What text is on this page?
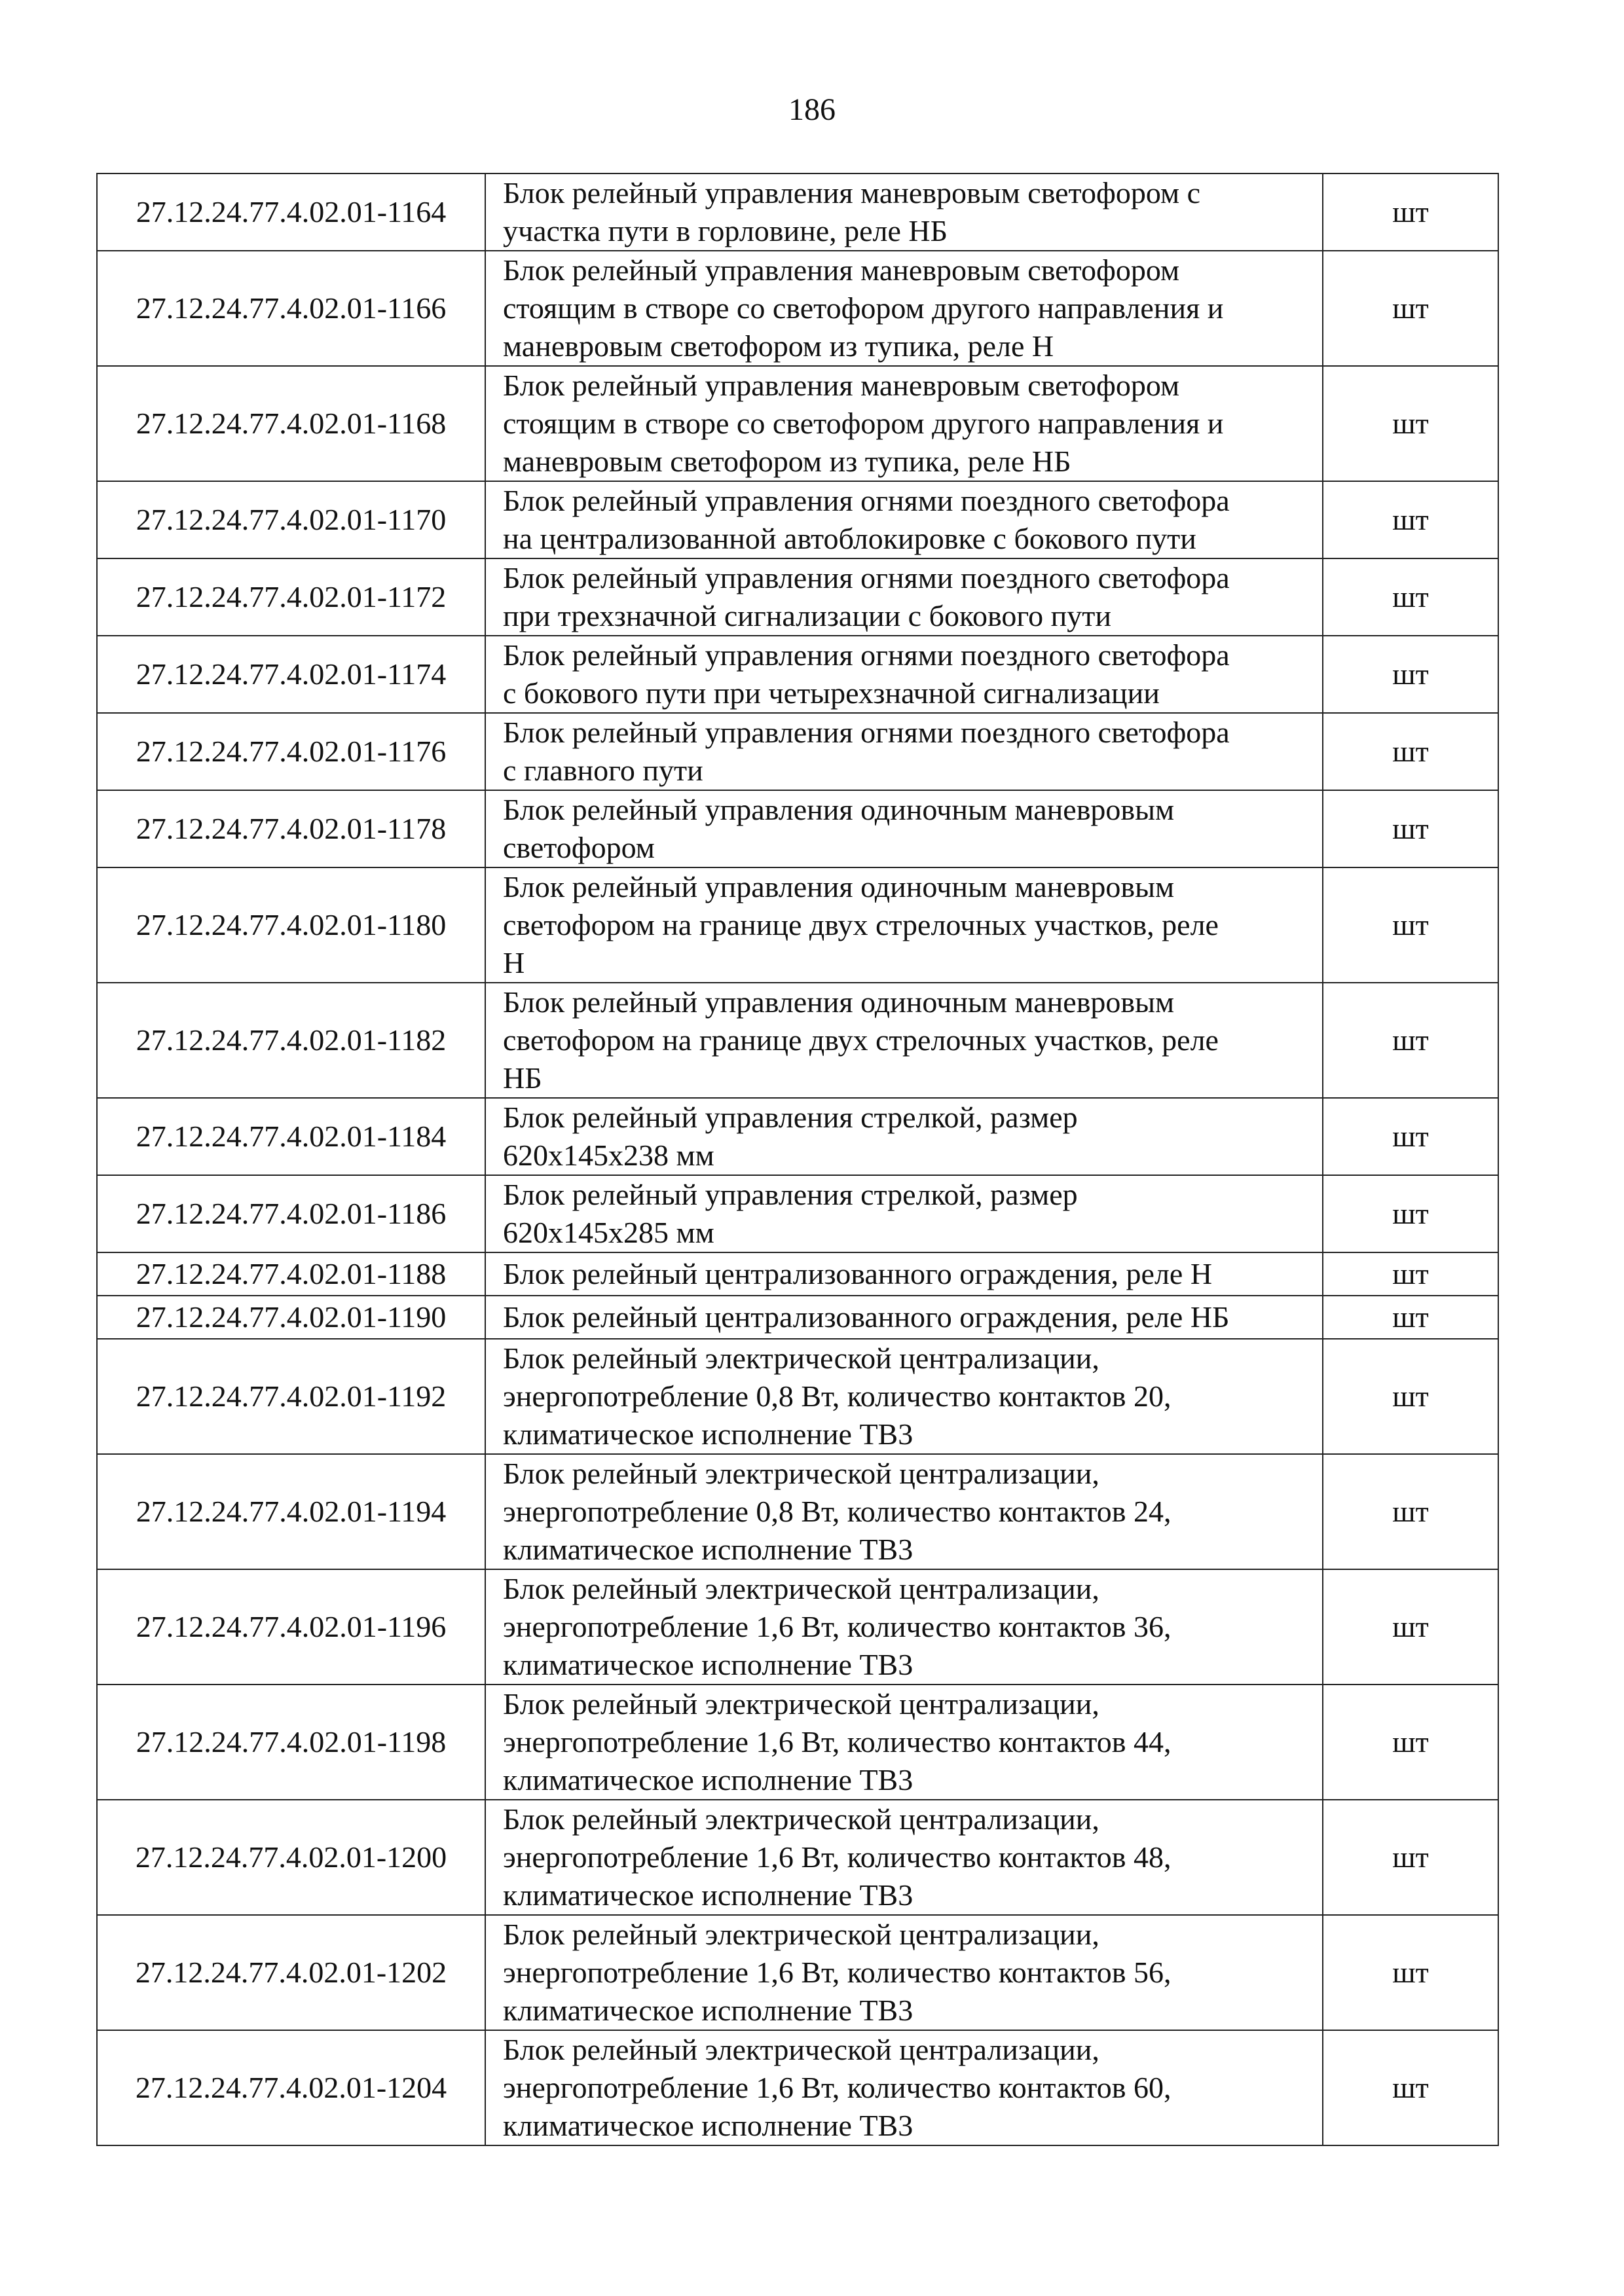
186
27.12.24.77.4.02.01-1164	Блок релейный управления маневровым светофором с
участка пути в горловине, реле НБ	шт
27.12.24.77.4.02.01-1166	Блок релейный управления маневровым светофором
стоящим в створе со светофором другого направления и
маневровым светофором из тупика, реле Н	шт
27.12.24.77.4.02.01-1168	Блок релейный управления маневровым светофором
стоящим в створе со светофором другого направления и
маневровым светофором из тупика, реле НБ	шт
27.12.24.77.4.02.01-1170	Блок релейный управления огнями поездного светофора
на централизованной автоблокировке с бокового пути	шт
27.12.24.77.4.02.01-1172	Блок релейный управления огнями поездного светофора
при трехзначной сигнализации с бокового пути	шт
27.12.24.77.4.02.01-1174	Блок релейный управления огнями поездного светофора
с бокового пути при четырехзначной сигнализации	шт
27.12.24.77.4.02.01-1176	Блок релейный управления огнями поездного светофора
с главного пути	шт
27.12.24.77.4.02.01-1178	Блок релейный управления одиночным маневровым
светофором	шт
27.12.24.77.4.02.01-1180	Блок релейный управления одиночным маневровым
светофором на границе двух стрелочных участков, реле
Н	шт
27.12.24.77.4.02.01-1182	Блок релейный управления одиночным маневровым
светофором на границе двух стрелочных участков, реле
НБ	шт
27.12.24.77.4.02.01-1184	Блок релейный управления стрелкой, размер
620x145x238 мм	шт
27.12.24.77.4.02.01-1186	Блок релейный управления стрелкой, размер
620x145x285 мм	шт
27.12.24.77.4.02.01-1188	Блок релейный централизованного ограждения, реле Н	шт
27.12.24.77.4.02.01-1190	Блок релейный централизованного ограждения, реле НБ	шт
27.12.24.77.4.02.01-1192	Блок релейный электрической централизации,
энергопотребление 0,8 Вт, количество контактов 20,
климатическое исполнение ТВ3	шт
27.12.24.77.4.02.01-1194	Блок релейный электрической централизации,
энергопотребление 0,8 Вт, количество контактов 24,
климатическое исполнение ТВ3	шт
27.12.24.77.4.02.01-1196	Блок релейный электрической централизации,
энергопотребление 1,6 Вт, количество контактов 36,
климатическое исполнение ТВ3	шт
27.12.24.77.4.02.01-1198	Блок релейный электрической централизации,
энергопотребление 1,6 Вт, количество контактов 44,
климатическое исполнение ТВ3	шт
27.12.24.77.4.02.01-1200	Блок релейный электрической централизации,
энергопотребление 1,6 Вт, количество контактов 48,
климатическое исполнение ТВ3	шт
27.12.24.77.4.02.01-1202	Блок релейный электрической централизации,
энергопотребление 1,6 Вт, количество контактов 56,
климатическое исполнение ТВ3	шт
27.12.24.77.4.02.01-1204	Блок релейный электрической централизации,
энергопотребление 1,6 Вт, количество контактов 60,
климатическое исполнение ТВ3	шт
